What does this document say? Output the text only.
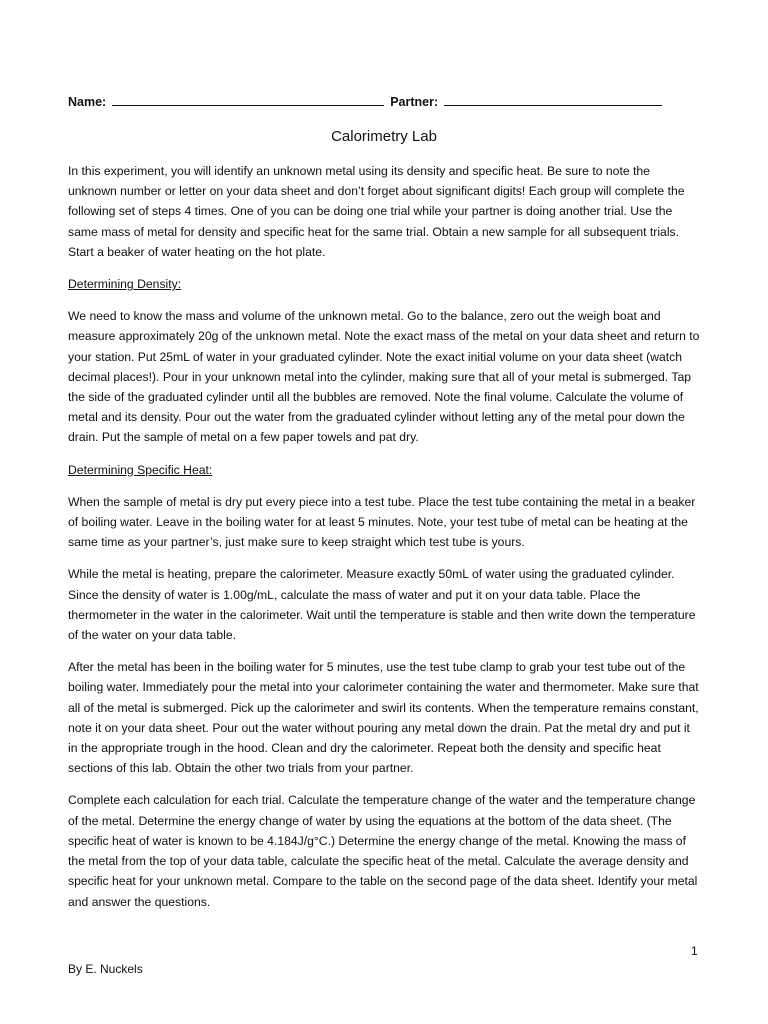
Name:	Partner:
Calorimetry Lab

In this experiment, you will identify an unknown metal using its density and specific heat. Be sure to note the unknown number or letter on your data sheet and don’t forget about significant digits! Each group will complete the following set of steps 4 times. One of you can be doing one trial while your partner is doing another trial. Use the same mass of metal for density and specific heat for the same trial. Obtain a new sample for all subsequent trials. Start a beaker of water heating on the hot plate.

Determining Density:

We need to know the mass and volume of the unknown metal. Go to the balance, zero out the weigh boat and measure approximately 20g of the unknown metal. Note the exact mass of the metal on your data sheet and return to your station. Put 25mL of water in your graduated cylinder. Note the exact initial volume on your data sheet (watch decimal places!). Pour in your unknown metal into the cylinder, making sure that all of your metal is submerged. Tap the side of the graduated cylinder until all the bubbles are removed. Note the final volume. Calculate the volume of metal and its density. Pour out the water from the graduated cylinder without letting any of the metal pour down the drain. Put the sample of metal on a few paper towels and pat dry.

Determining Specific Heat:

When the sample of metal is dry put every piece into a test tube. Place the test tube containing the metal in a beaker of boiling water. Leave in the boiling water for at least 5 minutes. Note, your test tube of metal can be heating at the same time as your partner’s, just make sure to keep straight which test tube is yours.

While the metal is heating, prepare the calorimeter. Measure exactly 50mL of water using the graduated cylinder. Since the density of water is 1.00g/mL, calculate the mass of water and put it on your data table. Place the thermometer in the water in the calorimeter. Wait until the temperature is stable and then write down the temperature of the water on your data table.

After the metal has been in the boiling water for 5 minutes, use the test tube clamp to grab your test tube out of the boiling water. Immediately pour the metal into your calorimeter containing the water and thermometer. Make sure that all of the metal is submerged. Pick up the calorimeter and swirl its contents. When the temperature remains constant, note it on your data sheet. Pour out the water without pouring any metal down the drain. Pat the metal dry and put it in the appropriate trough in the hood. Clean and dry the calorimeter. Repeat both the density and specific heat sections of this lab. Obtain the other two trials from your partner.

Complete each calculation for each trial. Calculate the temperature change of the water and the temperature change of the metal. Determine the energy change of water by using the equations at the bottom of the data sheet. (The specific heat of water is known to be 4.184J/g°C.) Determine the energy change of the metal. Knowing the mass of the metal from the top of your data table, calculate the specific heat of the metal. Calculate the average density and specific heat for your unknown metal. Compare to the table on the second page of the data sheet. Identify your metal and answer the questions.

1
By E. Nuckels
